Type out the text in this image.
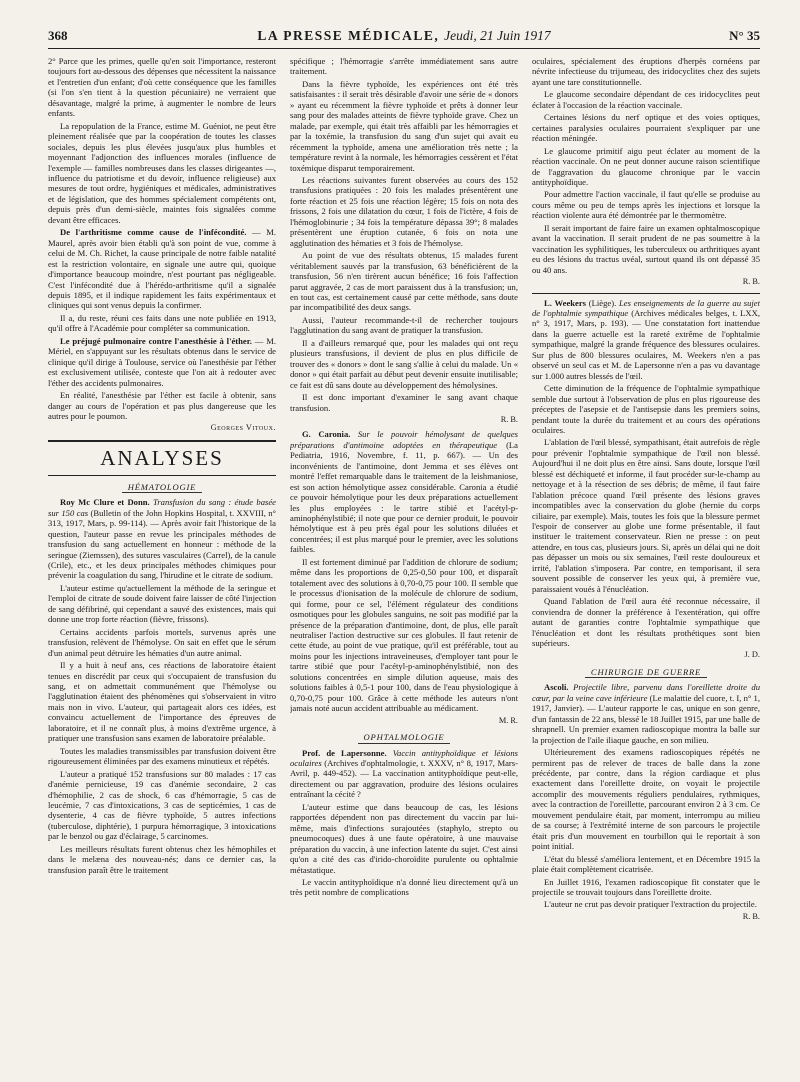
368	LA PRESSE MÉDICALE, Jeudi, 21 Juin 1917	N° 35

2° Parce que les primes, quelle qu'en soit l'importance, resteront toujours fort au-dessous des dépenses que nécessitent la naissance et l'entretien d'un enfant; d'où cette conséquence que les familles (si l'on s'en tient à la question pécuniaire) ne verraient que désavantage, malgré la prime, à augmenter le nombre de leurs enfants.

La repopulation de la France, estime M. Guéniot, ne peut être pleinement réalisée que par la coopération de toutes les classes sociales, depuis les plus élevées jusqu'aux plus humbles et moyennant l'adjonction des influences morales (influence de l'exemple — familles nombreuses dans les classes dirigeantes —, influence du patriotisme et du devoir, influence religieuse) aux mesures de tout ordre, hygiéniques et médicales, administratives et de législation, que des hommes spécialement compétents ont, depuis près d'un demi-siècle, maintes fois signalées comme devant être efficaces.

De l'arthritisme comme cause de l'infécondité. — M. Maurel, après avoir bien établi qu'à son point de vue, comme à celui de M. Ch. Richet, la cause principale de notre faible natalité est la restriction volontaire, en signale une autre qui, quoique d'importance beaucoup moindre, n'est pourtant pas négligeable. C'est l'infécondité due à l'hérédo-arthritisme qu'il a signalée depuis 1895, et il indique rapidement les faits expérimentaux et cliniques qui sont venus depuis la confirmer.

Il a, du reste, réuni ces faits dans une note publiée en 1913, qu'il offre à l'Académie pour compléter sa communication.

Le préjugé pulmonaire contre l'anesthésie à l'éther. — M. Mériel, en s'appuyant sur les résultats obtenus dans le service de clinique qu'il dirige à Toulouse, service où l'anesthésie par l'éther est exclusivement utilisée, conteste que l'on ait à redouter avec l'éther des accidents pulmonaires.

En réalité, l'anesthésie par l'éther est facile à obtenir, sans danger au cours de l'opération et pas plus dangereuse que les autres pour le poumon.

Georges Vitoux.
ANALYSES
HÉMATOLOGIE

Roy Mc Clure et Donn. Transfusion du sang : étude basée sur 150 cas (Bulletin of the John Hopkins Hospital, t. XXVIII, n° 313, 1917, Mars, p. 99-114). — Après avoir fait l'historique de la question, l'auteur passe en revue les principales méthodes de transfusion du sang actuellement en honneur : méthode de la seringue (Ziemssen), des sutures vasculaires (Carrel), de la canule (Crile), etc., et les deux principales méthodes chimiques pour prévenir la coagulation du sang, l'hirudine et le citrate de sodium.

L'auteur estime qu'actuellement la méthode de la seringue et l'emploi de citrate de soude doivent faire laisser de côté l'injection de sang défibriné, qui cependant a sauvé des existences, mais qui donne une trop forte réaction (fièvre, frissons).

Certains accidents parfois mortels, survenus après une transfusion, relèvent de l'hémolyse. On sait en effet que le sérum d'un animal peut détruire les hématies d'un autre animal.

Il y a huit à neuf ans, ces réactions de laboratoire étaient tenues en discrédit par ceux qui s'occupaient de transfusion du sang, et on admettait communément que l'hémolyse ou l'agglutination étaient des phénomènes qui s'observaient in vitro mais non in vivo. L'auteur, qui partageait alors ces idées, est convaincu actuellement de l'importance des épreuves de laboratoire, et il ne connaît plus, à moins d'extrême urgence, à pratiquer une transfusion sans examen de laboratoire préalable.

Toutes les maladies transmissibles par transfusion doivent être rigoureusement éliminées par des examens minutieux et répétés.

L'auteur a pratiqué 152 transfusions sur 80 malades : 17 cas d'anémie pernicieuse, 19 cas d'anémie secondaire, 2 cas d'hémophilie, 2 cas de shock, 6 cas d'hémorragie, 5 cas de leucémie, 7 cas d'intoxications, 3 cas de septicémies, 1 cas de dysenterie, 4 cas de fièvre typhoïde, 5 autres infections (tuberculose, diphtérie), 1 purpura hémorragique, 3 intoxications par le benzol ou gaz d'éclairage, 5 carcinomes.

Les meilleurs résultats furent obtenus chez les hémophiles et dans le melæna des nouveau-nés; dans ce dernier cas, la transfusion paraît être le traitement

spécifique ; l'hémorragie s'arrête immédiatement sans autre traitement.

Dans la fièvre typhoïde, les expériences ont été très satisfaisantes : il serait très désirable d'avoir une série de « donors » ayant eu récemment la fièvre typhoïde et prêts à donner leur sang pour des malades atteints de fièvre typhoïde grave. Chez un malade, par exemple, qui était très affaibli par les hémorragies et par la toxémie, la transfusion du sang d'un sujet qui avait eu récemment la typhoïde, amena une amélioration très nette ; la température revint à la normale, les hémorragies cessèrent et l'état toxémique disparut temporairement.

Les réactions suivantes furent observées au cours des 152 transfusions pratiquées : 20 fois les malades présentèrent une forte réaction et 25 fois une réaction légère; 15 fois on nota des frissons, 2 fois une dilatation du cœur, 1 fois de l'ictère, 4 fois de l'hémoglobinurie ; 34 fois la température dépassa 39°; 8 malades présentèrent une éruption cutanée, 6 fois on nota une agglutination des hématies et 3 fois de l'hémolyse.

Au point de vue des résultats obtenus, 15 malades furent véritablement sauvés par la transfusion, 63 bénéficièrent de la transfusion, 56 n'en tirèrent aucun bénéfice; 16 fois l'affection parut aggravée, 2 cas de mort paraissent dus à la transfusion; un, en tout cas, est certainement causé par cette méthode, sans doute par incompatibilité des deux sangs.

Aussi, l'auteur recommande-t-il de rechercher toujours l'agglutination du sang avant de pratiquer la transfusion.

Il a d'ailleurs remarqué que, pour les malades qui ont reçu plusieurs transfusions, il devient de plus en plus difficile de trouver des « donors » dont le sang s'allie à celui du malade. Un « donor » qui était parfait au début peut devenir ensuite inutilisable; ce fait est dû sans doute au développement des hémolysines.

Il est donc important d'examiner le sang avant chaque transfusion.

R. B.

G. Caronia. Sur le pouvoir hémolysant de quelques préparations d'antimoine adoptées en thérapeutique (La Pediatria, 1916, Novembre, f. 11, p. 667). — Un des inconvénients de l'antimoine, dont Jemma et ses élèves ont montré l'effet remarquable dans le traitement de la leishmaniose, est son action hémolytique assez considérable. Caronia a étudié ce pouvoir hémolytique pour les deux préparations actuellement les plus employées : le tartre stibié et l'acétyl-p-aminophénylstibié; il note que pour ce dernier produit, le pouvoir hémolytique est à peu près égal pour les solutions diluées et concentrées; il est plus marqué pour le premier, avec les solutions faibles.

Il est fortement diminué par l'addition de chlorure de sodium; même dans les proportions de 0,25-0,50 pour 100, et disparaît totalement avec des solutions à 0,70-0,75 pour 100. Il semble que le processus d'ionisation de la molécule de chlorure de sodium, qui forme, pour ce sel, l'élément régulateur des conditions osmotiques pour les globules sanguins, ne soit pas modifié par la présence de la préparation d'antimoine, dont, de plus, elle paraît neutraliser l'action destructive sur ces globules. Il faut retenir de cette étude, au point de vue pratique, qu'il est préférable, tout au moins pour les injections intraveineuses, d'employer tant pour le tartre stibié que pour l'acétyl-p-aminophénylstibié, non des solutions concentrées en simple dilution aqueuse, mais des solutions faibles à 0,5-1 pour 100, dans de l'eau physiologique à 0,70-0,75 pour 100. Grâce à cette méthode les auteurs n'ont jamais noté aucun accident attribuable au médicament.

M. R.
OPHTALMOLOGIE

Prof. de Lapersonne. Vaccin antityphoïdique et lésions oculaires (Archives d'ophtalmologie, t. XXXV, n° 8, 1917, Mars-Avril, p. 449-452). — La vaccination antityphoïdique peut-elle, directement ou par aggravation, produire des lésions oculaires entraînant la cécité ?

L'auteur estime que dans beaucoup de cas, les lésions rapportées dépendent non pas directement du vaccin par lui-même, mais d'infections surajoutées (staphylo, strepto ou pneumocoques) dues à une faute opératoire, à une mauvaise préparation du vaccin, à une infection latente du sujet. C'est ainsi qu'on a cité des cas d'irido-choroïdite purulente ou ophtalmie métastatique.

Le vaccin antityphoïdique n'a donné lieu directement qu'à un très petit nombre de complications

oculaires, spécialement des éruptions d'herpès cornéens par névrite infectieuse du trijumeau, des iridocyclites chez des sujets ayant une tare constitutionnelle.

Le glaucome secondaire dépendant de ces iridocyclites peut éclater à l'occasion de la réaction vaccinale.

Certaines lésions du nerf optique et des voies optiques, certaines paralysies oculaires pourraient s'expliquer par une réaction méningée.

Le glaucome primitif aigu peut éclater au moment de la réaction vaccinale. On ne peut donner aucune raison scientifique de l'aggravation du glaucome chronique par le vaccin antityphoïdique.

Pour admettre l'action vaccinale, il faut qu'elle se produise au cours même ou peu de temps après les injections et lorsque la réaction violente aura été démontrée par le thermomètre.

Il serait important de faire faire un examen ophtalmoscopique avant la vaccination. Il serait prudent de ne pas soumettre à la vaccination les syphilitiques, les tuberculeux ou arthritiques ayant eu des lésions du tractus uvéal, surtout quand ils ont dépassé 35 ou 40 ans.

R. B.

L. Weekers (Liège). Les enseignements de la guerre au sujet de l'ophtalmie sympathique (Archives médicales belges, t. LXX, n° 3, 1917, Mars, p. 193). — Une constatation fort inattendue dans la guerre actuelle est la rareté extrême de l'ophtalmie sympathique, malgré la grande fréquence des blessures oculaires. Sur plus de 800 blessures oculaires, M. Weekers n'en a pas observé un seul cas et M. de Lapersonne n'en a pas vu davantage sur 1.000 autres blessés de l'œil.

Cette diminution de la fréquence de l'ophtalmie sympathique semble due surtout à l'observation de plus en plus rigoureuse des préceptes de l'asepsie et de l'antisepsie dans les premiers soins, pendant toute la durée du traitement et au cours des opérations oculaires.

L'ablation de l'œil blessé, sympathisant, était autrefois de règle pour prévenir l'ophtalmie sympathique de l'œil non blessé. Aujourd'hui il ne doit plus en être ainsi. Sans doute, lorsque l'œil blessé est déchiqueté et informe, il faut procéder sur-le-champ au nettoyage et à la résection de ses débris; de même, il faut faire l'ablation précoce quand l'œil présente des lésions graves incompatibles avec la conservation du globe (hernie du corps ciliaire, par exemple). Mais, toutes les fois que la blessure permet l'espoir de conserver au globe une forme présentable, il faut instituer le traitement conservateur. Rien ne presse : on peut attendre, en tous cas, plusieurs jours. Si, après un délai qui ne doit pas dépasser un mois ou six semaines, l'œil reste douloureux et irrité, l'ablation s'imposera. Par contre, en temporisant, il sera souvent possible de conserver les yeux qui, à première vue, paraissaient voués à l'énucléation.

Quand l'ablation de l'œil aura été reconnue nécessaire, il conviendra de donner la préférence à l'exentération, qui offre autant de garanties contre l'ophtalmie sympathique que l'énucléation et dont les résultats prothétiques sont bien supérieurs.

J. D.
CHIRURGIE DE GUERRE

Ascoli. Projectile libre, parvenu dans l'oreillette droite du cœur, par la veine cave inférieure (Le malattie del cuore, t. I, n° 1, 1917, Janvier). — L'auteur rapporte le cas, unique en son genre, d'un fantassin de 22 ans, blessé le 18 Juillet 1915, par une balle de shrapnell. Un premier examen radioscopique montra la balle sur la projection de l'aile iliaque gauche, en son milieu.

Ultérieurement des examens radioscopiques répétés ne permirent pas de relever de traces de balle dans la zone précédente, par contre, dans la région cardiaque et plus exactement dans l'oreillette droite, on voyait le projectile accomplir des mouvements réguliers pendulaires, rythmiques, avec la contraction de l'oreillette, parcourant environ 2 à 3 cm. Ce mouvement pendulaire était, par moment, interrompu au milieu de sa course; à l'extrémité interne de son parcours le projectile était pris d'un mouvement en tourbillon qui le reportait à son point initial.

L'état du blessé s'améliora lentement, et en Décembre 1915 la plaie était complètement cicatrisée.

En Juillet 1916, l'examen radioscopique fit constater que le projectile se trouvait toujours dans l'oreillette droite.

L'auteur ne crut pas devoir pratiquer l'extraction du projectile.

R. B.
